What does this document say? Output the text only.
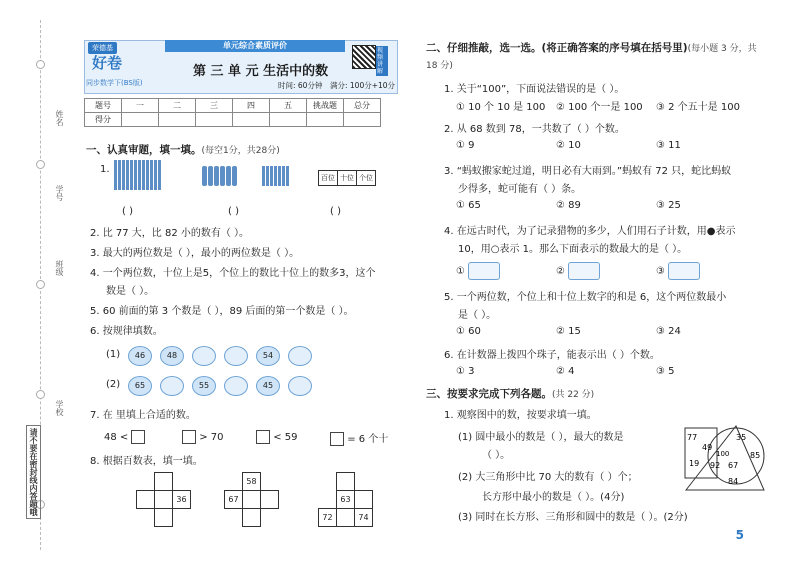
姓名
学号
班级
学校
请不要在密封线内答题哦
荣德基
好卷
同步数学下(BS版)
单元综合素质评价
第 三 单 元 生活中的数
时间: 60分钟 满分: 100分+10分
视频讲解
题号	一	二	三	四	五	挑战题	总分
得分							
一、认真审题，填一填。(每空1分，共28分)
1.
百位 十位 个位
( )	( )	( )
2. 比 77 大，比 82 小的数有（ ）。
3. 最大的两位数是（ ），最小的两位数是（ ）。
4. 一个两位数，十位上是5，个位上的数比十位上的数多3，这个
数是（ ）。
5. 60 前面的第 3 个数是（ ），89 后面的第一个数是（ ）。
6. 按规律填数。
(1)	46	48	54
(2)	65	55	45
7. 在 里填上合适的数。
48 <	> 70	< 59	= 6 个十
8. 根据百数表，填一填。

		36

	58	
67		

		63	
72		74
二、仔细推敲，选一选。(将正确答案的序号填在括号里)(每小题 3 分，共 18 分)
1. 关于“100”，下面说法错误的是（ ）。
① 10 个 10 是 100 ② 100 个一是 100 ③ 2 个五十是 100
2. 从 68 数到 78，一共数了（ ）个数。
① 9	② 10	③ 11
3. “蚂蚁搬家蛇过道，明日必有大雨到。”蚂蚁有 72 只，蛇比蚂蚁
少得多，蛇可能有（ ）条。
① 65	② 89	③ 25
4. 在远古时代，为了记录猎物的多少，人们用石子计数，用●表示
10，用○表示 1。那么下面表示的数最大的是（ ）。
①	②	③
5. 一个两位数，个位上和十位上数字的和是 6，这个两位数最小
是（ ）。
① 60	② 15	③ 24
6. 在计数器上拨四个珠子，能表示出（ ）个数。
① 3	② 4	③ 5
三、按要求完成下列各题。(共 22 分)
1. 观察图中的数，按要求填一填。
(1) 圆中最小的数是（ ），最大的数是
（ ）。
(2) 大三角形中比 70 大的数有（ ）个；
长方形中最小的数是（ ）。(4分)
(3) 同时在长方形、三角形和圆中的数是（ ）。(2分)
77
49
35
100	85
92 67
19
84
5
